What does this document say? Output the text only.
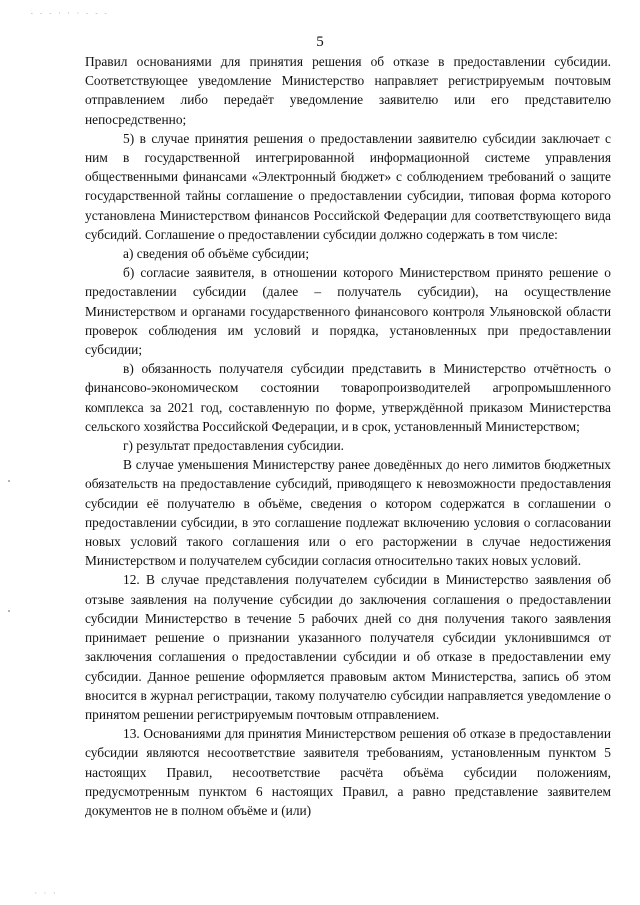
- - - · · · - - -
· · ·
5

Правил основаниями для принятия решения об отказе в предоставлении субсидии. Соответствующее уведомление Министерство направляет регистрируемым почтовым отправлением либо передаёт уведомление заявителю или его представителю непосредственно;

5) в случае принятия решения о предоставлении заявителю субсидии заключает с ним в государственной интегрированной информационной системе управления общественными финансами «Электронный бюджет» с соблюдением требований о защите государственной тайны соглашение о предоставлении субсидии, типовая форма которого установлена Министерством финансов Российской Федерации для соответствующего вида субсидий. Соглашение о предоставлении субсидии должно содержать в том числе:

а) сведения об объёме субсидии;

б) согласие заявителя, в отношении которого Министерством принято решение о предоставлении субсидии (далее – получатель субсидии), на осуществление Министерством и органами государственного финансового контроля Ульяновской области проверок соблюдения им условий и порядка, установленных при предоставлении субсидии;

в) обязанность получателя субсидии представить в Министерство отчётность о финансово-экономическом состоянии товаропроизводителей агропромышленного комплекса за 2021 год, составленную по форме, утверждённой приказом Министерства сельского хозяйства Российской Федерации, и в срок, установленный Министерством;

г) результат предоставления субсидии.

В случае уменьшения Министерству ранее доведённых до него лимитов бюджетных обязательств на предоставление субсидий, приводящего к невозможности предоставления субсидии её получателю в объёме, сведения о котором содержатся в соглашении о предоставлении субсидии, в это соглашение подлежат включению условия о согласовании новых условий такого соглашения или о его расторжении в случае недостижения Министерством и получателем субсидии согласия относительно таких новых условий.

12. В случае представления получателем субсидии в Министерство заявления об отзыве заявления на получение субсидии до заключения соглашения о предоставлении субсидии Министерство в течение 5 рабочих дней со дня получения такого заявления принимает решение о признании указанного получателя субсидии уклонившимся от заключения соглашения о предоставлении субсидии и об отказе в предоставлении ему субсидии. Данное решение оформляется правовым актом Министерства, запись об этом вносится в журнал регистрации, такому получателю субсидии направляется уведомление о принятом решении регистрируемым почтовым отправлением.

13. Основаниями для принятия Министерством решения об отказе в предоставлении субсидии являются несоответствие заявителя требованиям, установленным пунктом 5 настоящих Правил, несоответствие расчёта объёма субсидии положениям, предусмотренным пунктом 6 настоящих Правил, а равно представление заявителем документов не в полном объёме и (или)
